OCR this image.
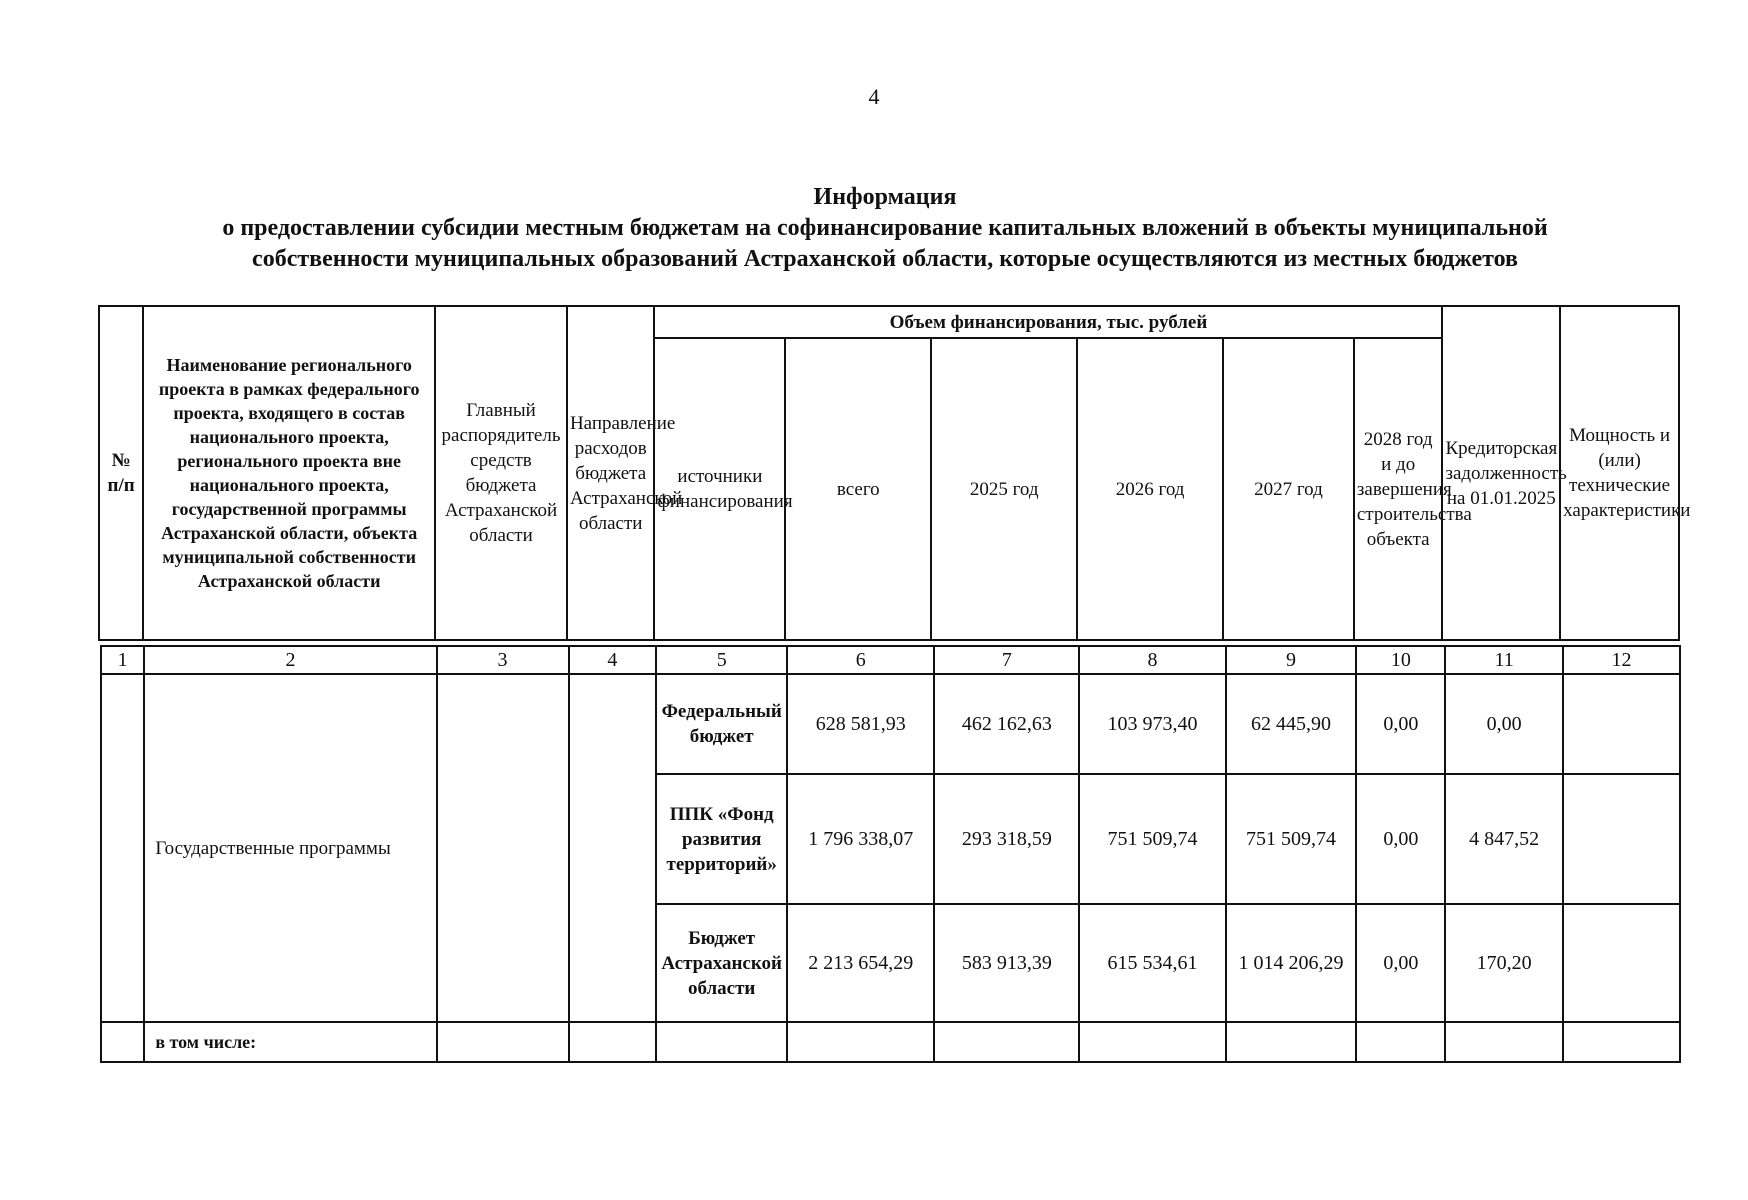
4
Информация
о предоставлении субсидии местным бюджетам на софинансирование капитальных вложений в объекты муниципальной
собственности муниципальных образований Астраханской области, которые осуществляются из местных бюджетов
№ п/п	Наименование регионального проекта в рамках федерального проекта, входящего в состав национального проекта, регионального проекта вне национального проекта, государственной программы Астраханской области, объекта муниципальной собственности Астраханской области	Главный распорядитель средств бюджета Астраханской области	Направление расходов бюджета Астраханской области	Объем финансирования, тыс. рублей						Кредиторская задолженность на 01.01.2025	Мощность и (или) технические характеристики
				источники финансирования	всего	2025 год	2026 год	2027 год	2028 год и до завершения строительства объекта		
1	2	3	4	5	6	7	8	9	10	11	12
	Государственные программы			Федеральный бюджет	628 581,93	462 162,63	103 973,40	62 445,90	0,00	0,00	
				ППК «Фонд развития территорий»	1 796 338,07	293 318,59	751 509,74	751 509,74	0,00	4 847,52	
				Бюджет Астраханской области	2 213 654,29	583 913,39	615 534,61	1 014 206,29	0,00	170,20	
	в том числе:										
